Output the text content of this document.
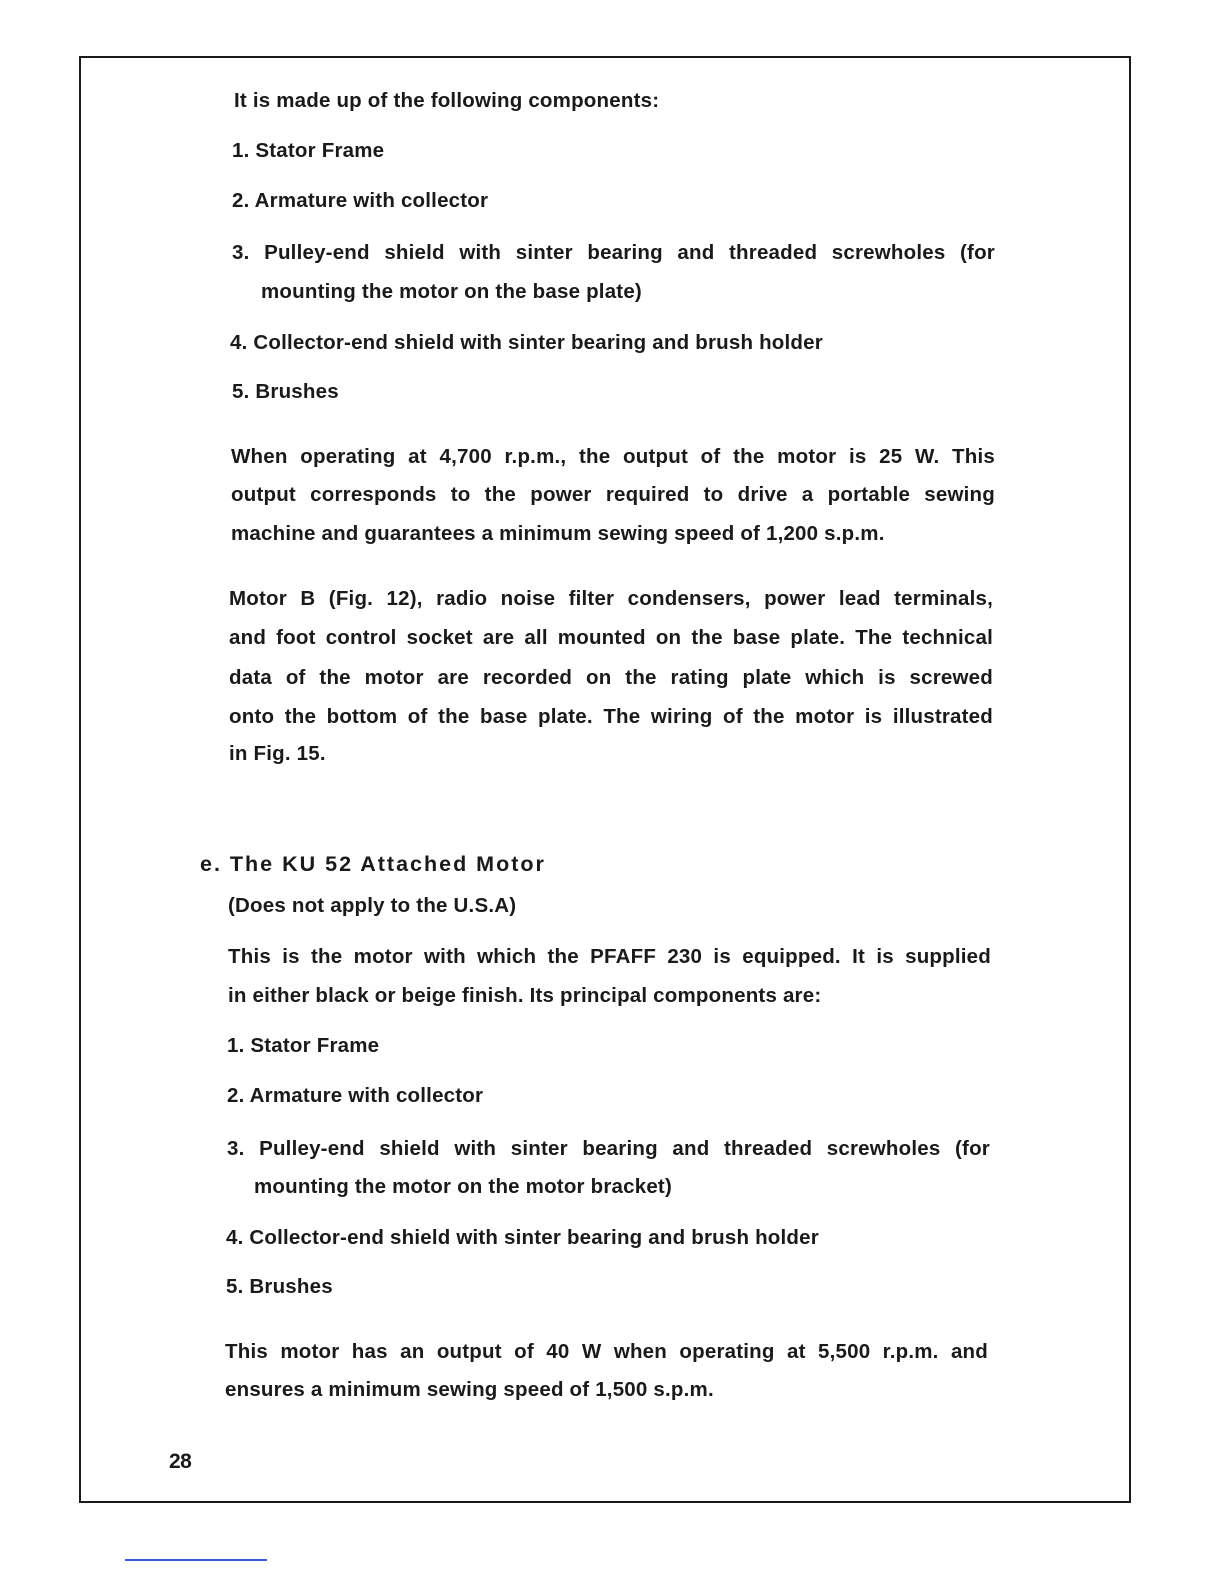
It is made up of the following components:
1. Stator Frame
2. Armature with collector
3. Pulley-end shield with sinter bearing and threaded screwholes (for
mounting the motor on the base plate)
4. Collector-end shield with sinter bearing and brush holder
5. Brushes
When operating at 4,700 r.p.m., the output of the motor is 25 W. This
output corresponds to the power required to drive a portable sewing
machine and guarantees a minimum sewing speed of 1,200 s.p.m.
Motor B (Fig. 12), radio noise filter condensers, power lead terminals,
and foot control socket are all mounted on the base plate. The technical
data of the motor are recorded on the rating plate which is screwed
onto the bottom of the base plate. The wiring of the motor is illustrated
in Fig. 15.
e. The KU 52 Attached Motor
(Does not apply to the U.S.A)
This is the motor with which the PFAFF 230 is equipped. It is supplied
in either black or beige finish. Its principal components are:
1. Stator Frame
2. Armature with collector
3. Pulley-end shield with sinter bearing and threaded screwholes (for
mounting the motor on the motor bracket)
4. Collector-end shield with sinter bearing and brush holder
5. Brushes
This motor has an output of 40 W when operating at 5,500 r.p.m. and
ensures a minimum sewing speed of 1,500 s.p.m.
28
